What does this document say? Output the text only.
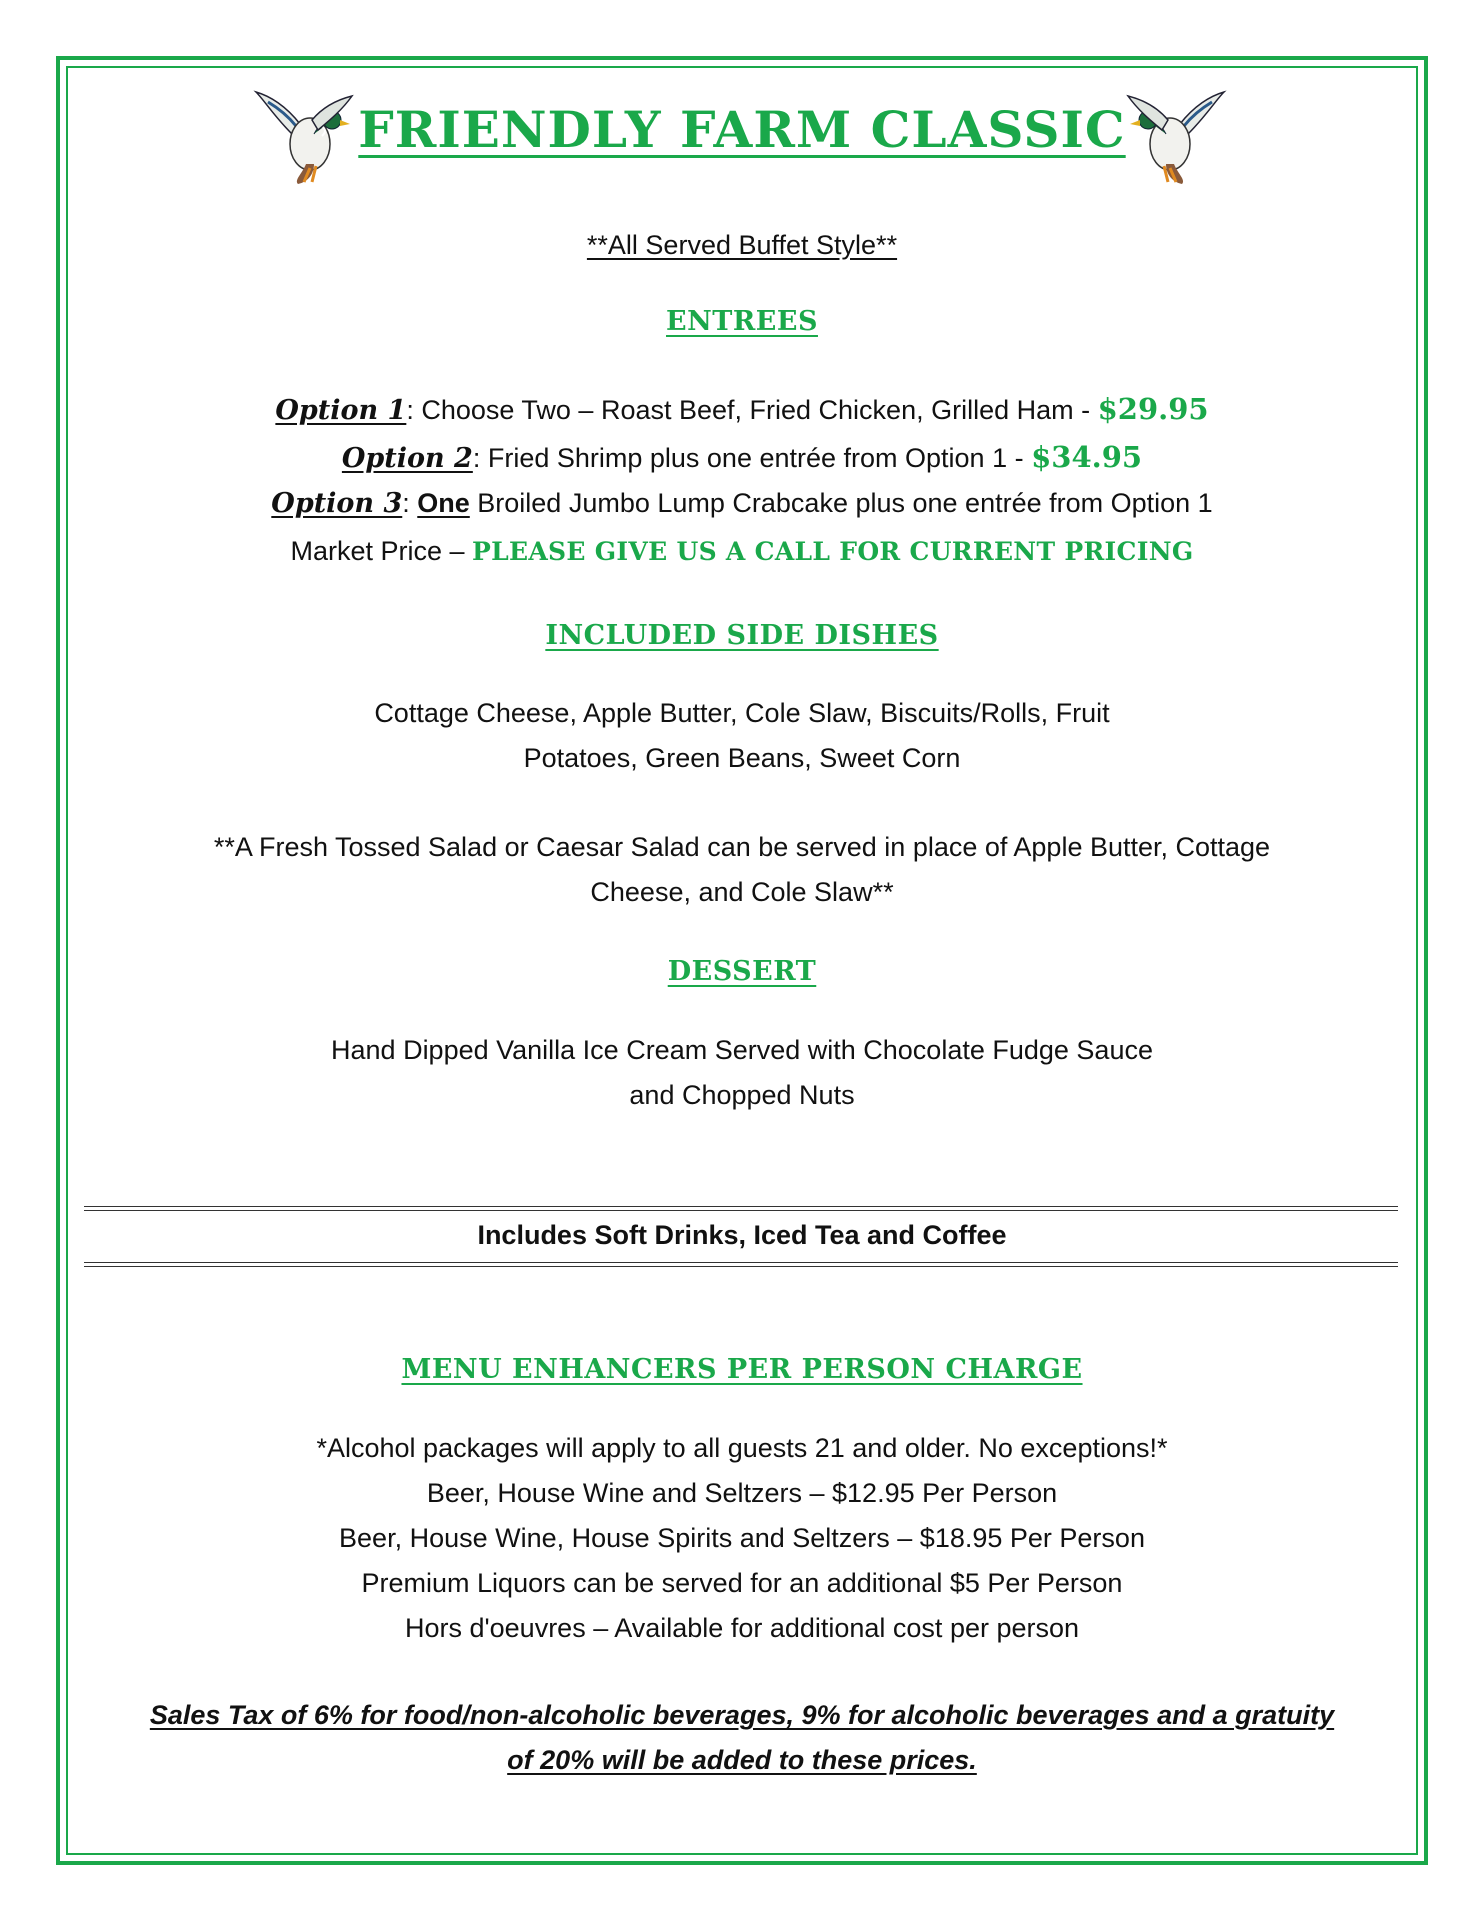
FRIENDLY FARM CLASSIC
**All Served Buffet Style**
ENTREES
Option 1: Choose Two – Roast Beef, Fried Chicken, Grilled Ham - $29.95
Option 2: Fried Shrimp plus one entrée from Option 1 - $34.95
Option 3: One Broiled Jumbo Lump Crabcake plus one entrée from Option 1
Market Price – PLEASE GIVE US A CALL FOR CURRENT PRICING
INCLUDED SIDE DISHES
Cottage Cheese, Apple Butter, Cole Slaw, Biscuits/Rolls, Fruit
Potatoes, Green Beans, Sweet Corn
**A Fresh Tossed Salad or Caesar Salad can be served in place of Apple Butter, Cottage
Cheese, and Cole Slaw**
DESSERT
Hand Dipped Vanilla Ice Cream Served with Chocolate Fudge Sauce
and Chopped Nuts
Includes Soft Drinks, Iced Tea and Coffee
MENU ENHANCERS PER PERSON CHARGE
*Alcohol packages will apply to all guests 21 and older. No exceptions!*
Beer, House Wine and Seltzers – $12.95 Per Person
Beer, House Wine, House Spirits and Seltzers – $18.95 Per Person
Premium Liquors can be served for an additional $5 Per Person
Hors d'oeuvres – Available for additional cost per person
Sales Tax of 6% for food/non-alcoholic beverages, 9% for alcoholic beverages and a gratuity
of 20% will be added to these prices.
